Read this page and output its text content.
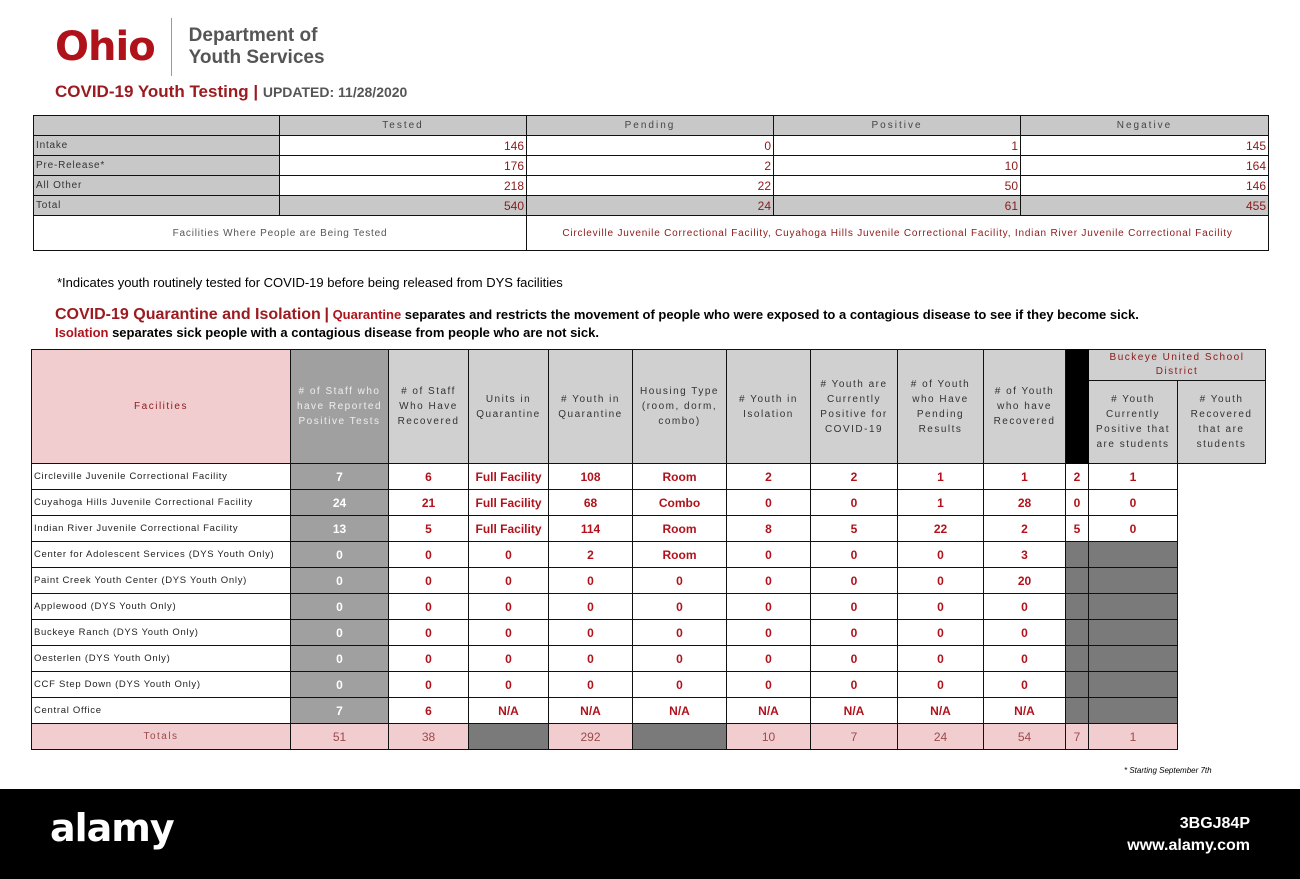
Ohio Department of
Youth Services
COVID-19 Youth Testing | UPDATED: 11/28/2020
	Tested	Pending	Positive	Negative
Intake	146	0	1	145
Pre-Release*	176	2	10	164
All Other	218	22	50	146
Total	540	24	61	455
Facilities Where People are Being Tested		Circleville Juvenile Correctional Facility, Cuyahoga Hills Juvenile Correctional Facility, Indian River Juvenile Correctional Facility		
*Indicates youth routinely tested for COVID-19 before being released from DYS facilities
COVID-19 Quarantine and Isolation | Quarantine separates and restricts the movement of people who were exposed to a contagious disease to see if they become sick.
Isolation separates sick people with a contagious disease from people who are not sick.
Facilities	# of Staff who have Reported Positive Tests	# of Staff Who Have Recovered	Units in Quarantine	# Youth in Quarantine	Housing Type (room, dorm, combo)	# Youth in Isolation	# Youth are Currently Positive for COVID-19	# of Youth who Have Pending Results	# of Youth who have Recovered		Buckeye United School District	
											# Youth Currently Positive that are students	# Youth Recovered that are students
Circleville Juvenile Correctional Facility	7	6	Full Facility	108	Room	2	2	1	1	2	1	
Cuyahoga Hills Juvenile Correctional Facility	24	21	Full Facility	68	Combo	0	0	1	28	0	0	
Indian River Juvenile Correctional Facility	13	5	Full Facility	114	Room	8	5	22	2	5	0	
Center for Adolescent Services (DYS Youth Only)	0	0	0	2	Room	0	0	0	3			
Paint Creek Youth Center (DYS Youth Only)	0	0	0	0	0	0	0	0	20			
Applewood (DYS Youth Only)	0	0	0	0	0	0	0	0	0			
Buckeye Ranch (DYS Youth Only)	0	0	0	0	0	0	0	0	0			
Oesterlen (DYS Youth Only)	0	0	0	0	0	0	0	0	0			
CCF Step Down (DYS Youth Only)	0	0	0	0	0	0	0	0	0			
Central Office	7	6	N/A	N/A	N/A	N/A	N/A	N/A	N/A			
Totals	51	38		292		10	7	24	54	7	1	
* Starting September 7th
alamy	3BGJ84P
www.alamy.com
